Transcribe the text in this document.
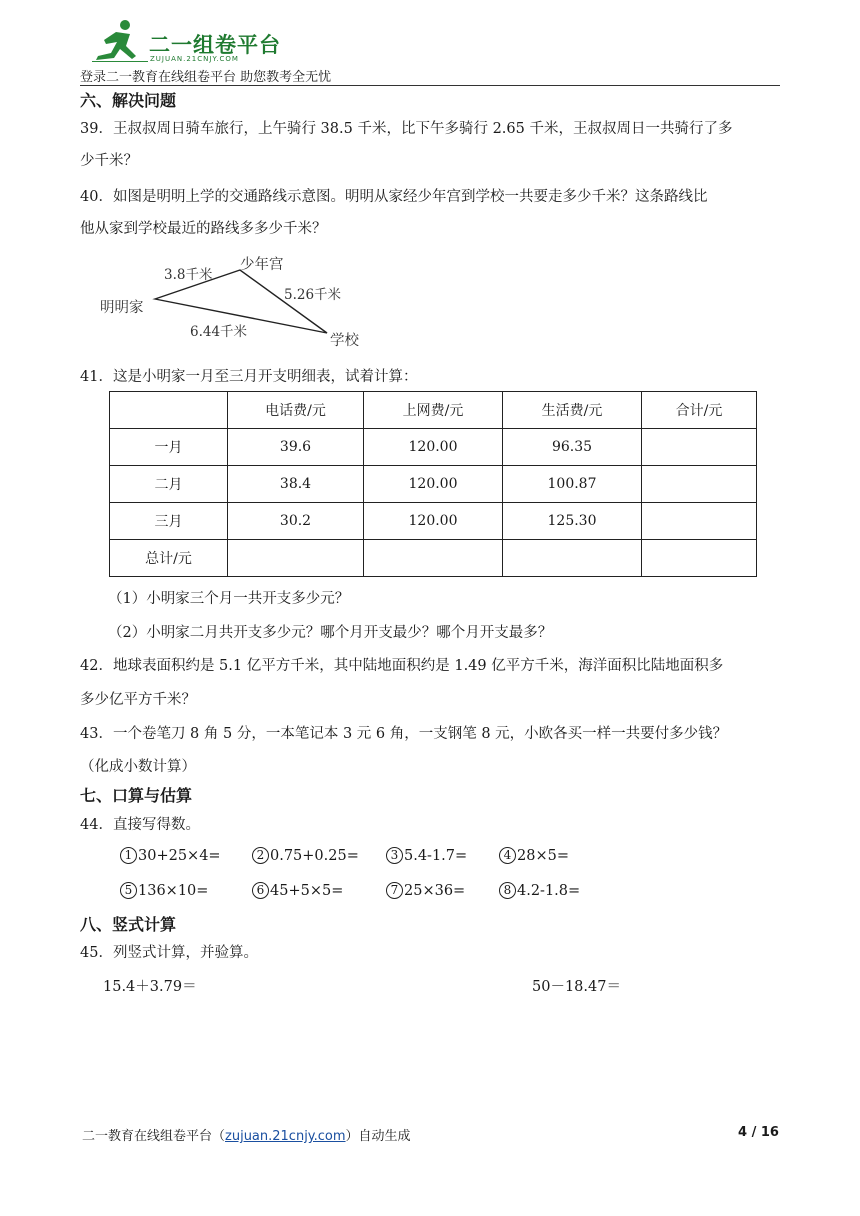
二一组卷平台
ZUJUAN.21CNJY.COM
登录二一教育在线组卷平台 助您教考全无忧
六、解决问题
39．王叔叔周日骑车旅行，上午骑行 38.5 千米，比下午多骑行 2.65 千米，王叔叔周日一共骑行了多
少千米？
40．如图是明明上学的交通路线示意图。明明从家经少年宫到学校一共要走多少千米？这条路线比
他从家到学校最近的路线多多少千米？
明明家
少年宫
学校
3.8千米
5.26千米
6.44千米
41．这是小明家一月至三月开支明细表，试着计算：
	电话费/元	上网费/元	生活费/元	合计/元
一月	39.6	120.00	96.35	
二月	38.4	120.00	100.87	
三月	30.2	120.00	125.30	
总计/元				
（1）小明家三个月一共开支多少元？
（2）小明家二月共开支多少元？哪个月开支最少？哪个月开支最多？
42．地球表面积约是 5.1 亿平方千米，其中陆地面积约是 1.49 亿平方千米，海洋面积比陆地面积多
多少亿平方千米？
43．一个卷笔刀 8 角 5 分，一本笔记本 3 元 6 角，一支钢笔 8 元，小欧各买一样一共要付多少钱？
（化成小数计算）
七、口算与估算
44．直接写得数。
1 30+25×4=	2 0.75+0.25=	3 5.4-1.7=	4 28×5=
5 136×10=	6 45+5×5=	7 25×36=	8 4.2-1.8=
八、竖式计算
45．列竖式计算，并验算。
15.4＋3.79＝	50－18.47＝
二一教育在线组卷平台（zujuan.21cnjy.com）自动生成	4 / 16
